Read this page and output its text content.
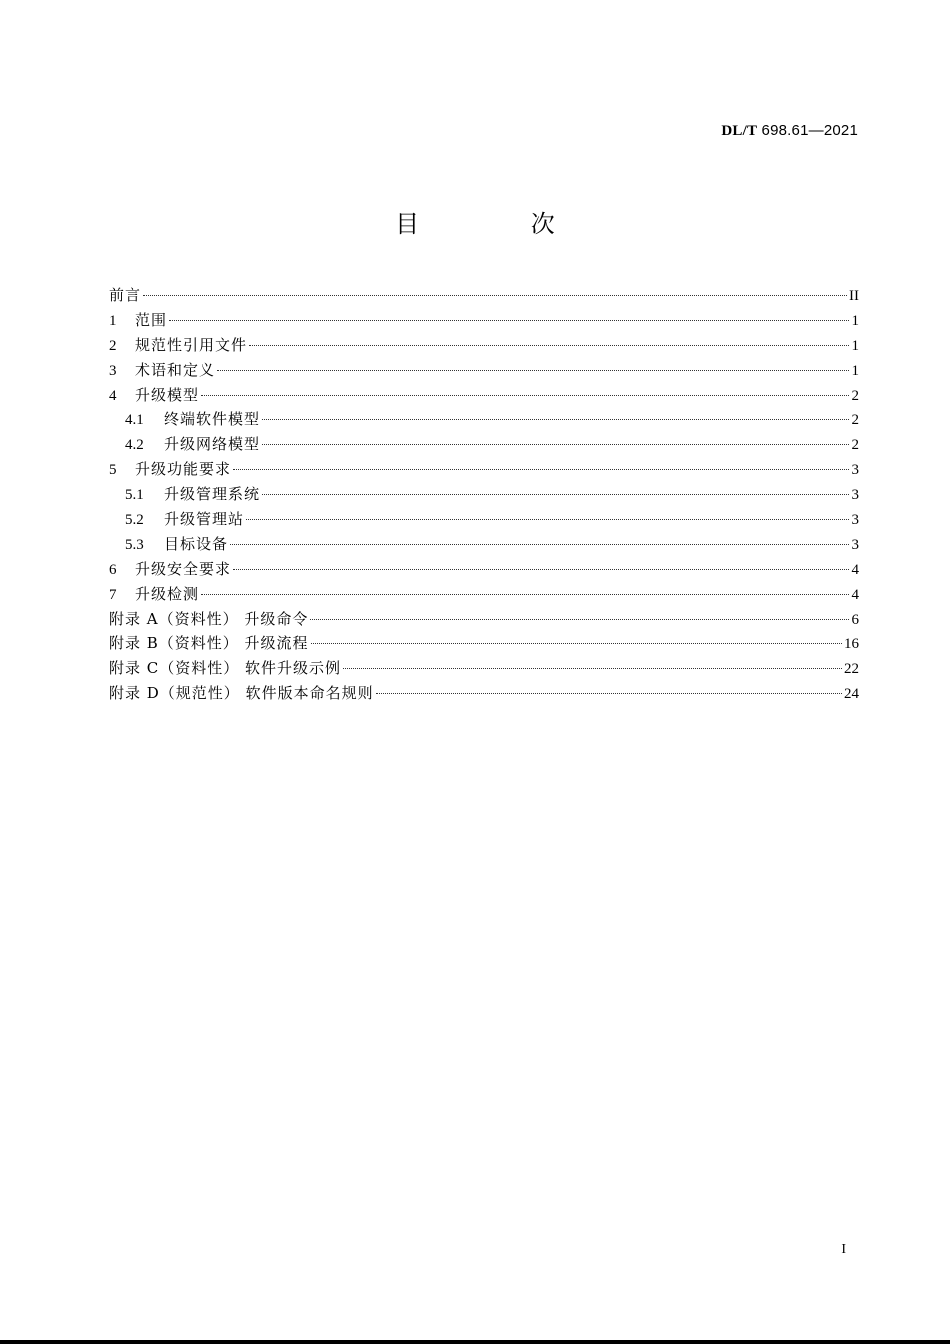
DL/T 698.61—2021
目 次
前言	II
1	范围	1
2	规范性引用文件	1
3	术语和定义	1
4	升级模型	2
4.1	终端软件模型	2
4.2	升级网络模型	2
5	升级功能要求	3
5.1	升级管理系统	3
5.2	升级管理站	3
5.3	目标设备	3
6	升级安全要求	4
7	升级检测	4
附录 A（资料性） 升级命令	6
附录 B（资料性） 升级流程	16
附录 C（资料性） 软件升级示例	22
附录 D（规范性） 软件版本命名规则	24
I
